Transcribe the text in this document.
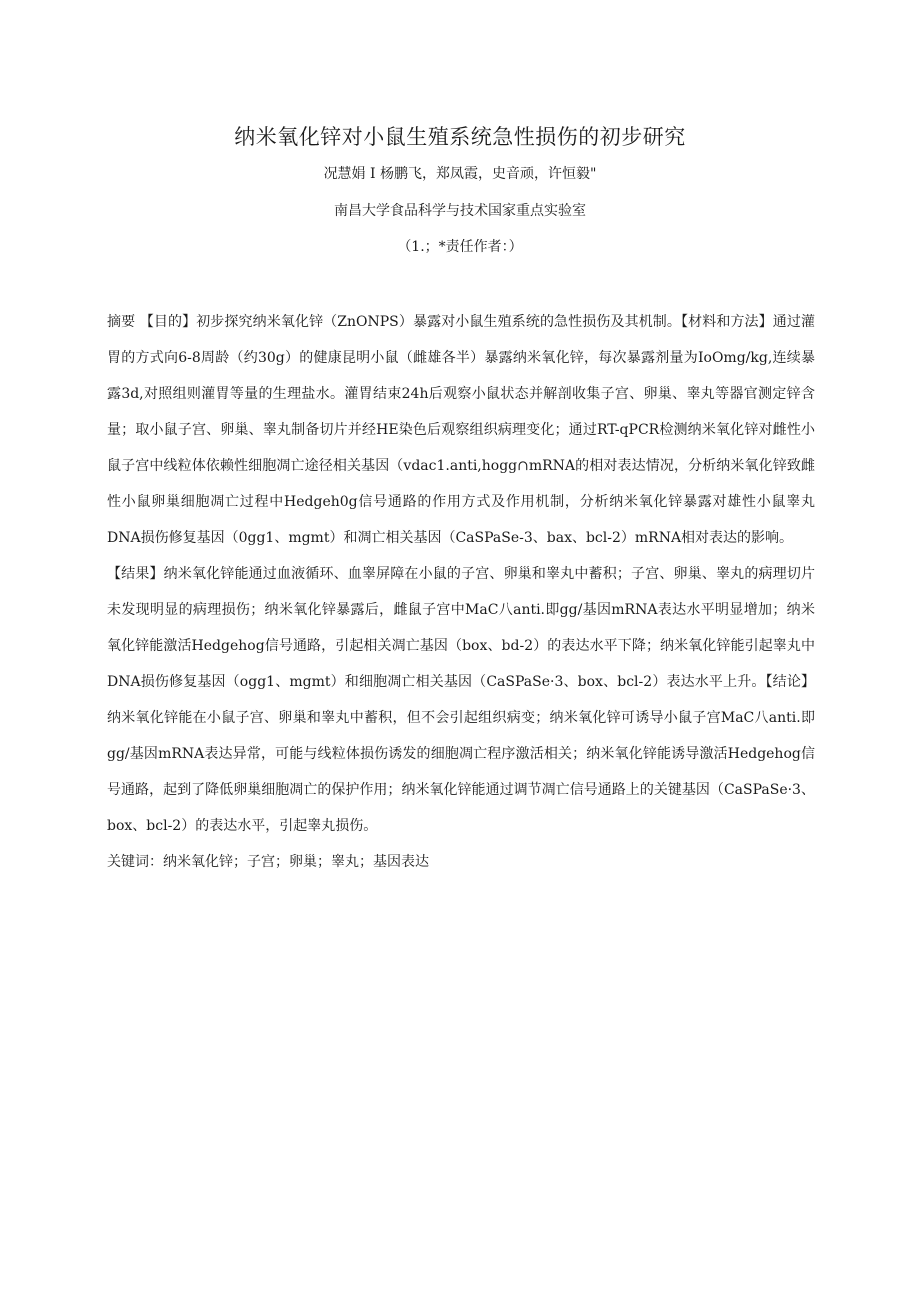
纳米氧化锌对小鼠生殖系统急性损伤的初步研究
况慧娟 I 杨鹏飞，郑凤霞，史音顽，许恒毅"
南昌大学食品科学与技术国家重点实验室
（1.；*责任作者：）

摘要 【目的】初步探究纳米氧化锌（ZnONPS）暴露对小鼠生殖系统的急性损伤及其机制。【材料和方法】通过灌胃的方式向6-8周龄（约30g）的健康昆明小鼠（雌雄各半）暴露纳米氧化锌，每次暴露剂量为IoOmg/kg,连续暴露3d,对照组则灌胃等量的生理盐水。灌胃结束24h后观察小鼠状态并解剖收集子宫、卵巢、睾丸等器官测定锌含量；取小鼠子宫、卵巢、睾丸制备切片并经HE染色后观察组织病理变化；通过RT-qPCR检测纳米氧化锌对雌性小鼠子宫中线粒体依赖性细胞凋亡途径相关基因（vdac1.anti,hogg∩mRNA的相对表达情况，分析纳米氧化锌致雌性小鼠卵巢细胞凋亡过程中Hedgeh0g信号通路的作用方式及作用机制，分析纳米氧化锌暴露对雄性小鼠睾丸DNA损伤修复基因（0gg1、mgmt）和凋亡相关基因（CaSPaSe-3、bax、bcl-2）mRNA相对表达的影响。

【结果】纳米氧化锌能通过血液循环、血睾屏障在小鼠的子宫、卵巢和睾丸中蓄积；子宫、卵巢、睾丸的病理切片未发现明显的病理损伤；纳米氧化锌暴露后，雌鼠子宫中MaC八anti.即gg/基因mRNA表达水平明显增加；纳米氧化锌能激活Hedgehog信号通路，引起相关凋亡基因（box、bd-2）的表达水平下降；纳米氧化锌能引起睾丸中DNA损伤修复基因（ogg1、mgmt）和细胞凋亡相关基因（CaSPaSe·3、box、bcl-2）表达水平上升。【结论】纳米氧化锌能在小鼠子宫、卵巢和睾丸中蓄积，但不会引起组织病变；纳米氧化锌可诱导小鼠子宫MaC八anti.即gg/基因mRNA表达异常，可能与线粒体损伤诱发的细胞凋亡程序激活相关；纳米氧化锌能诱导激活Hedgehog信号通路，起到了降低卵巢细胞凋亡的保护作用；纳米氧化锌能通过调节凋亡信号通路上的关键基因（CaSPaSe·3、box、bcl-2）的表达水平，引起睾丸损伤。

关键词：纳米氧化锌；子宫；卵巢；睾丸；基因表达
